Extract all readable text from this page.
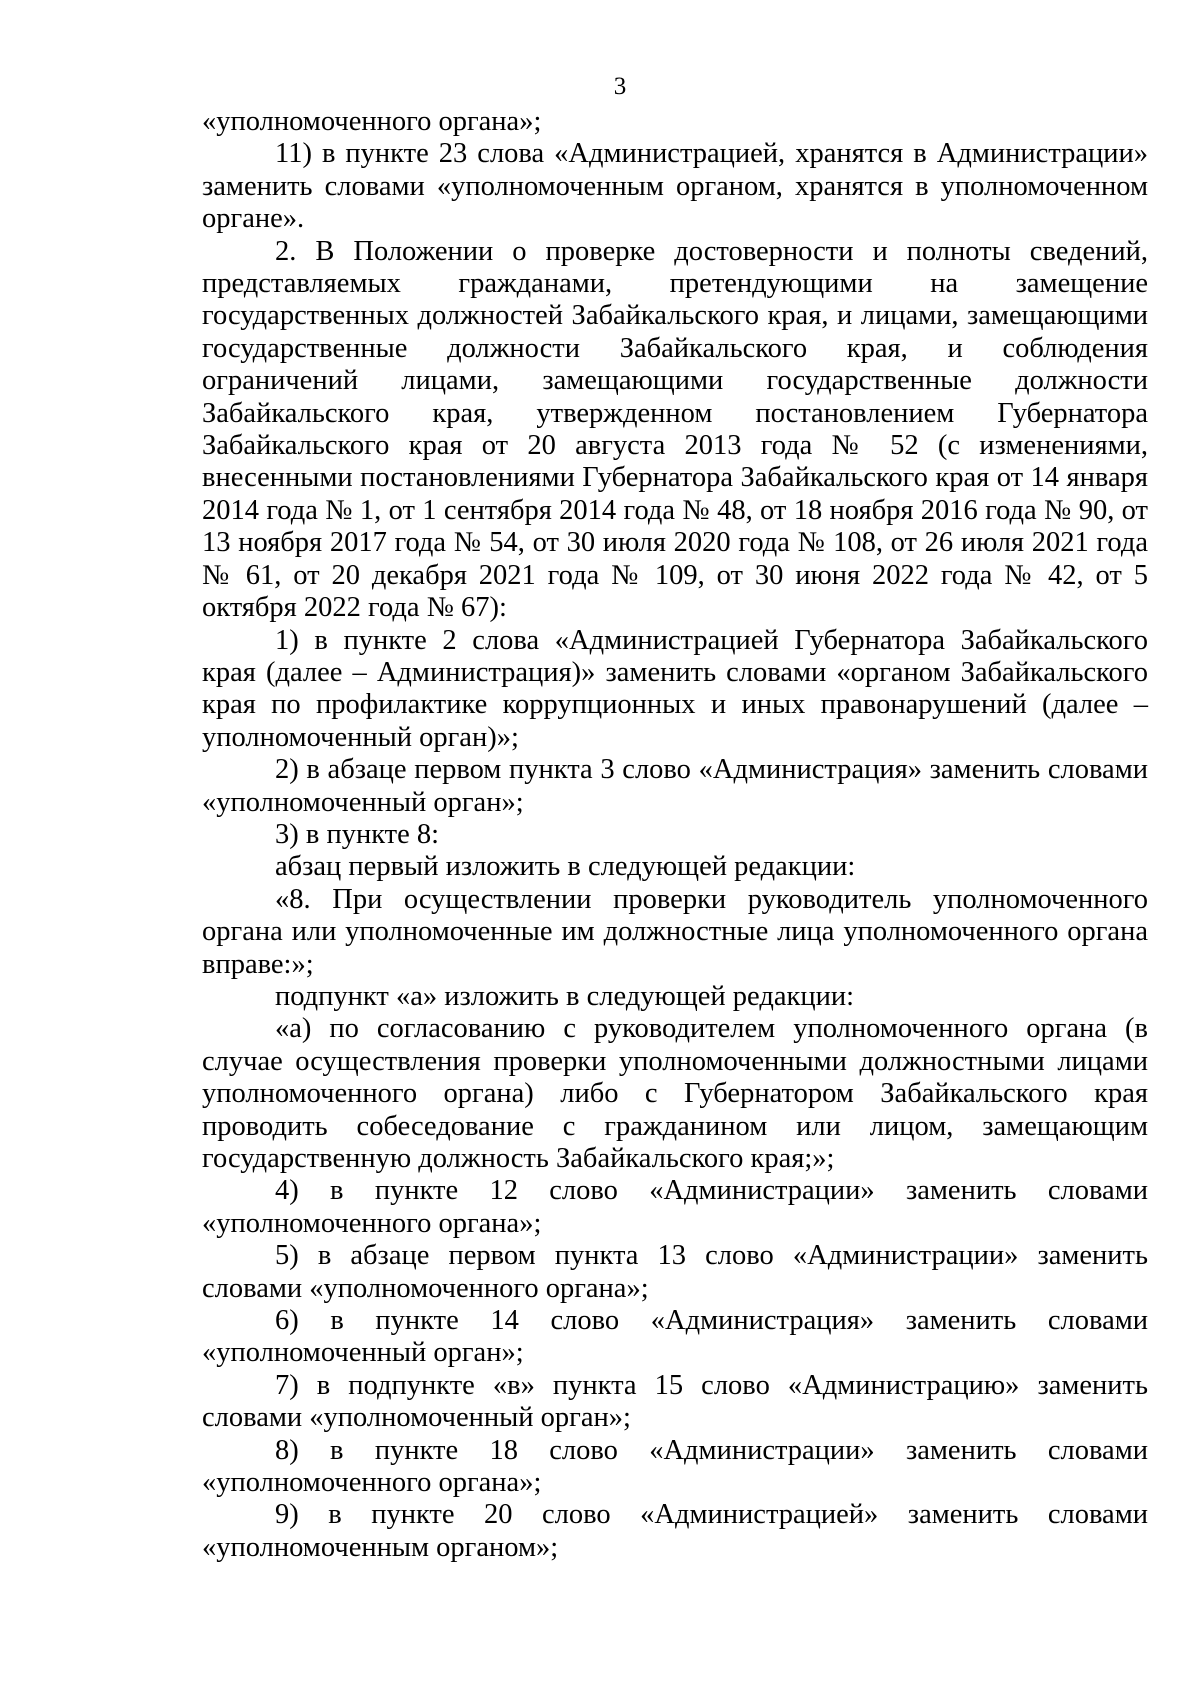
3

«уполномоченного органа»;

11) в пункте 23 слова «Администрацией, хранятся в Администрации» заменить словами «уполномоченным органом, хранятся в уполномоченном органе».

2. В Положении о проверке достоверности и полноты сведений, представляемых гражданами, претендующими на замещение государственных должностей Забайкальского края, и лицами, замещающими государственные должности Забайкальского края, и соблюдения ограничений лицами, замещающими государственные должности Забайкальского края, утвержденном постановлением Губернатора Забайкальского края от 20 августа 2013 года № 52 (с изменениями, внесенными постановлениями Губернатора Забайкальского края от 14 января 2014 года № 1, от 1 сентября 2014 года № 48, от 18 ноября 2016 года № 90, от 13 ноября 2017 года № 54, от 30 июля 2020 года № 108, от 26 июля 2021 года № 61, от 20 декабря 2021 года № 109, от 30 июня 2022 года № 42, от 5 октября 2022 года № 67):

1) в пункте 2 слова «Администрацией Губернатора Забайкальского края (далее – Администрация)» заменить словами «органом Забайкальского края по профилактике коррупционных и иных правонарушений (далее – уполномоченный орган)»;

2) в абзаце первом пункта 3 слово «Администрация» заменить словами «уполномоченный орган»;

3) в пункте 8:

абзац первый изложить в следующей редакции:

«8. При осуществлении проверки руководитель уполномоченного органа или уполномоченные им должностные лица уполномоченного органа вправе:»;

подпункт «а» изложить в следующей редакции:

«а) по согласованию с руководителем уполномоченного органа (в случае осуществления проверки уполномоченными должностными лицами уполномоченного органа) либо с Губернатором Забайкальского края проводить собеседование с гражданином или лицом, замещающим государственную должность Забайкальского края;»;

4) в пункте 12 слово «Администрации» заменить словами «уполномоченного органа»;

5) в абзаце первом пункта 13 слово «Администрации» заменить словами «уполномоченного органа»;

6) в пункте 14 слово «Администрация» заменить словами «уполномоченный орган»;

7) в подпункте «в» пункта 15 слово «Администрацию» заменить словами «уполномоченный орган»;

8) в пункте 18 слово «Администрации» заменить словами «уполномоченного органа»;

9) в пункте 20 слово «Администрацией» заменить словами «уполномоченным органом»;
